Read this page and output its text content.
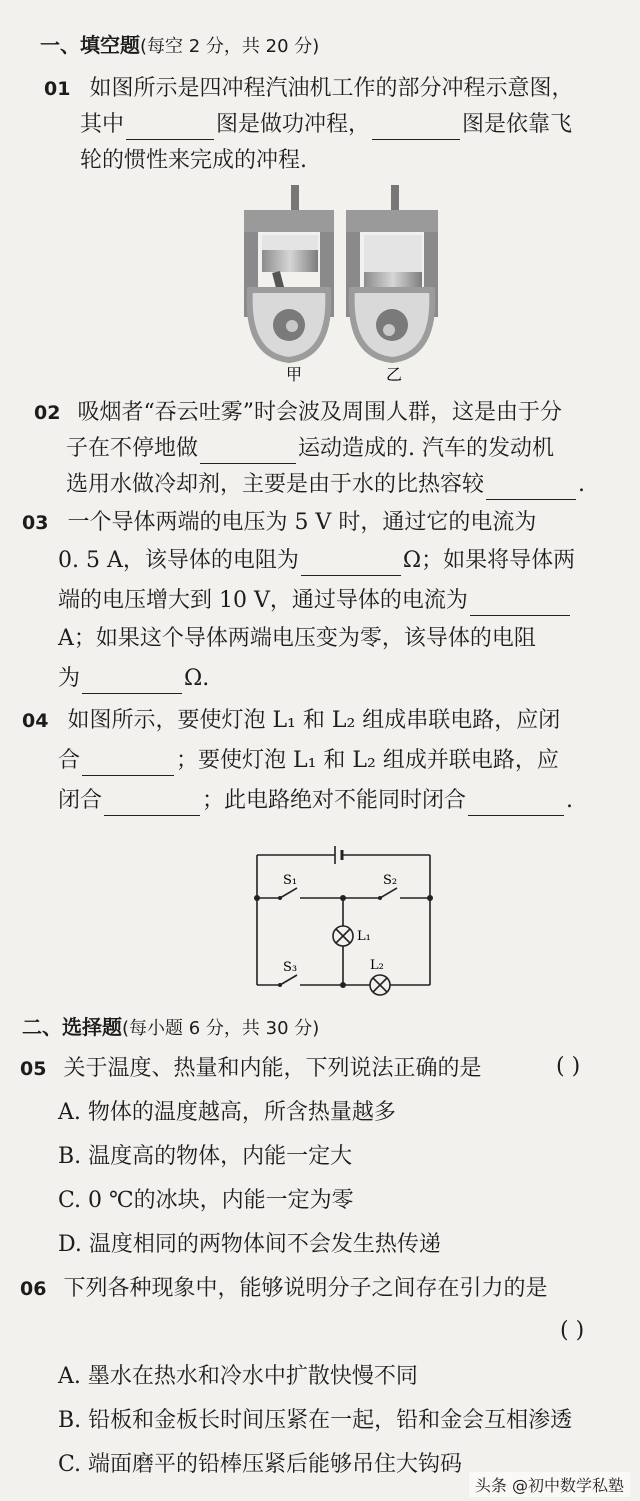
一、填空题(每空 2 分，共 20 分)
01 如图所示是四冲程汽油机工作的部分冲程示意图，
其中	图是做功冲程，	图是依靠飞
轮的惯性来完成的冲程.
甲	乙
02 吸烟者“吞云吐雾”时会波及周围人群，这是由于分
子在不停地做	运动造成的. 汽车的发动机
选用水做冷却剂，主要是由于水的比热容较	.
03 一个导体两端的电压为 5 V 时，通过它的电流为
0. 5 A，该导体的电阻为	Ω；如果将导体两
端的电压增大到 10 V，通过导体的电流为
A；如果这个导体两端电压变为零，该导体的电阻
为	Ω.
04 如图所示，要使灯泡 L₁ 和 L₂ 组成串联电路，应闭
合	；要使灯泡 L₁ 和 L₂ 组成并联电路，应
闭合	；此电路绝对不能同时闭合	.
S₁	S₂
S₃
L₁
L₂
二、选择题(每小题 6 分，共 30 分)
05 关于温度、热量和内能，下列说法正确的是	( )
A. 物体的温度越高，所含热量越多
B. 温度高的物体，内能一定大
C. 0 ℃的冰块，内能一定为零
D. 温度相同的两物体间不会发生热传递
06 下列各种现象中，能够说明分子之间存在引力的是
( )
A. 墨水在热水和冷水中扩散快慢不同
B. 铅板和金板长时间压紧在一起，铅和金会互相渗透
C. 端面磨平的铅棒压紧后能够吊住大钩码
头条 @初中数学私塾
